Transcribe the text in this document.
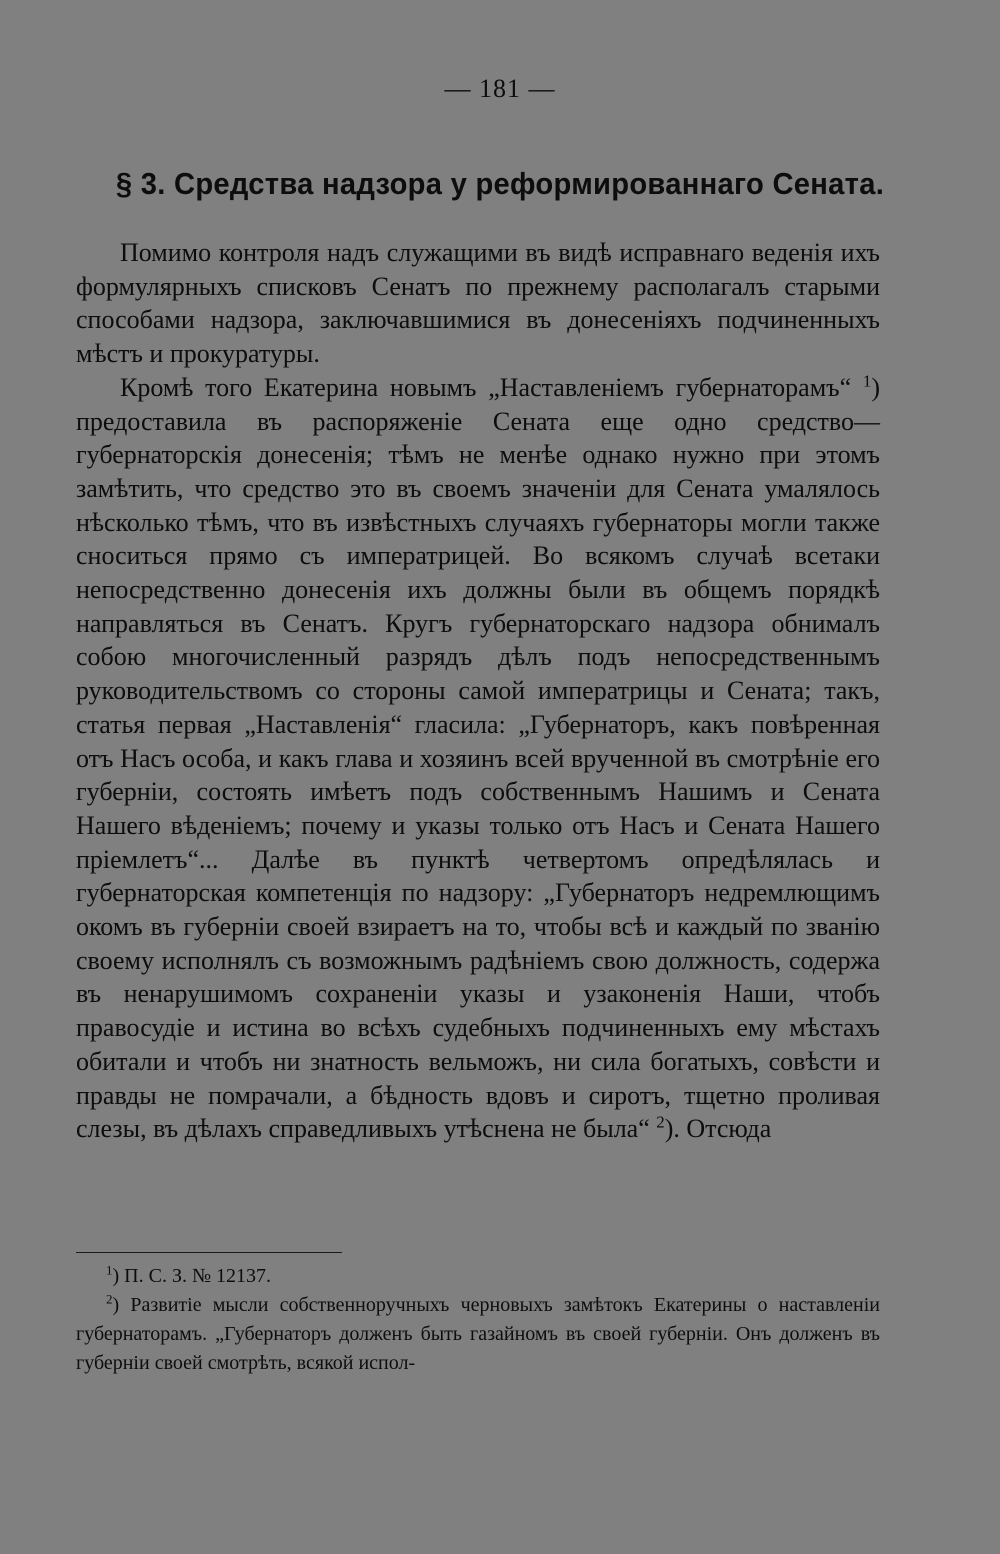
— 181 —
§ 3. Средства надзора у реформированнаго Сената.

Помимо контроля надъ служащими въ видѣ исправнаго веденія ихъ формулярныхъ списковъ Сенатъ по прежнему располагалъ старыми способами надзора, заключавшимися въ донесеніяхъ подчиненныхъ мѣстъ и прокуратуры.

Кромѣ того Екатерина новымъ „Наставленіемъ губернаторамъ“ $^1$) предоставила въ распоряженіе Сената еще одно средство—губернаторскія донесенія; тѣмъ не менѣе однако нужно при этомъ замѣтить, что средство это въ своемъ значеніи для Сената умалялось нѣсколько тѣмъ, что въ извѣстныхъ случаяхъ губернаторы могли также сноситься прямо съ императрицей. Во всякомъ случаѣ всетаки непосредственно донесенія ихъ должны были въ общемъ порядкѣ направляться въ Сенатъ. Кругъ губернаторскаго надзора обнималъ собою многочисленный разрядъ дѣлъ подъ непосредственнымъ руководительствомъ со стороны самой императрицы и Сената; такъ, статья первая „Наставленія“ гласила: „Губернаторъ, какъ повѣренная отъ Насъ особа, и какъ глава и хозяинъ всей врученной въ смотрѣніе его губерніи, состоять имѣетъ подъ собственнымъ Нашимъ и Сената Нашего вѣденіемъ; почему и указы только отъ Насъ и Сената Нашего пріемлетъ“... Далѣе въ пунктѣ четвертомъ опредѣлялась и губернаторская компетенція по надзору: „Губернаторъ недремлющимъ окомъ въ губерніи своей взираетъ на то, чтобы всѣ и каждый по званію своему исполнялъ съ возможнымъ радѣніемъ свою должность, содержа въ ненарушимомъ сохраненіи указы и узаконенія Наши, чтобъ правосудіе и истина во всѣхъ судебныхъ подчиненныхъ ему мѣстахъ обитали и чтобъ ни знатность вельможъ, ни сила богатыхъ, совѣсти и правды не помрачали, а бѣдность вдовъ и сиротъ, тщетно проливая слезы, въ дѣлахъ справедливыхъ утѣснена не была“ $^2$). Отсюда

$^1$) П. С. З. № 12137.

$^2$) Развитіе мысли собственноручныхъ черновыхъ замѣтокъ Екатерины о наставленіи губернаторамъ. „Губернаторъ долженъ быть газайномъ въ своей губерніи. Онъ долженъ въ губерніи своей смотрѣть, всякой испол-
